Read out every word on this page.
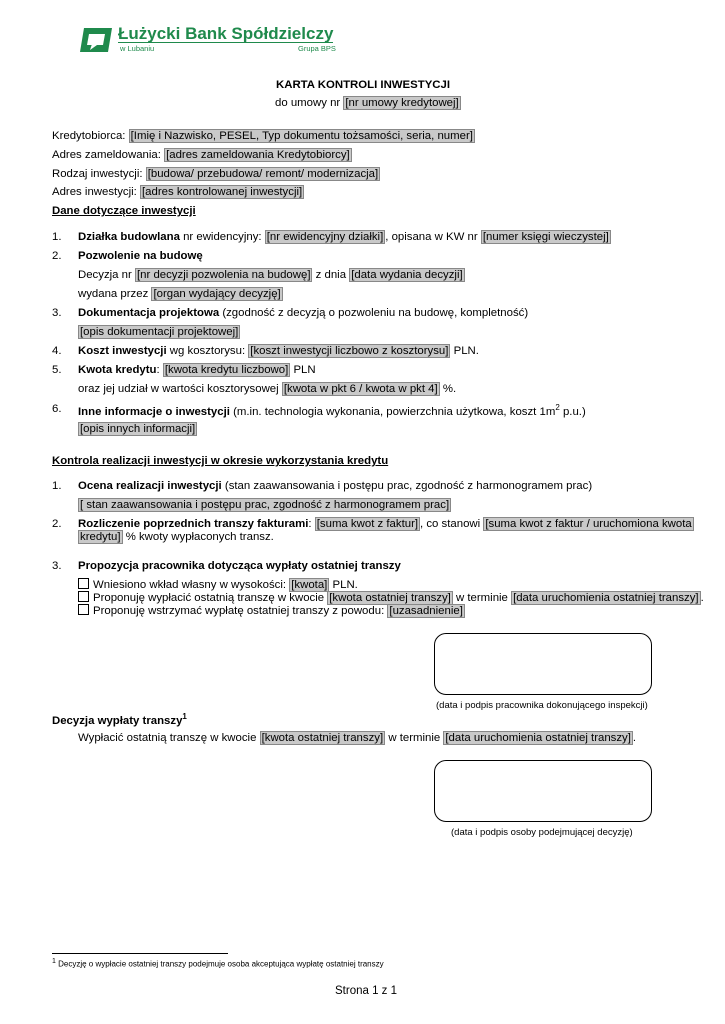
Łużycki Bank Spółdzielczy
w Lubaniu	Grupa BPS
KARTA KONTROLI INWESTYCJI
do umowy nr [nr umowy kredytowej]
Kredytobiorca: [Imię i Nazwisko, PESEL, Typ dokumentu tożsamości, seria, numer]
Adres zameldowania: [adres zameldowania Kredytobiorcy]
Rodzaj inwestycji: [budowa/ przebudowa/ remont/ modernizacja]
Adres inwestycji: [adres kontrolowanej inwestycji]
Dane dotyczące inwestycji
1. Działka budowlana nr ewidencyjny: [nr ewidencyjny działki] , opisana w KW nr [numer księgi wieczystej]
2. Pozwolenie na budowę
Decyzja nr [nr decyzji pozwolenia na budowę] z dnia [data wydania decyzji]
wydana przez [organ wydający decyzję]
3. Dokumentacja projektowa (zgodność z decyzją o pozwoleniu na budowę, kompletność)
[opis dokumentacji projektowej]
4. Koszt inwestycji wg kosztorysu: [koszt inwestycji liczbowo z kosztorysu] PLN.
5. Kwota kredytu: [kwota kredytu liczbowo] PLN
oraz jej udział w wartości kosztorysowej [kwota w pkt 6 / kwota w pkt 4] %.
6. Inne informacje o inwestycji (m.in. technologia wykonania, powierzchnia użytkowa, koszt $1m^2$ p.u.)
[opis innych informacji]
Kontrola realizacji inwestycji w okresie wykorzystania kredytu
1. Ocena realizacji inwestycji (stan zaawansowania i postępu prac, zgodność z harmonogramem prac)
[ stan zaawansowania i postępu prac, zgodność z harmonogramem prac]
2. Rozliczenie poprzednich transzy fakturami: [suma kwot z faktur] , co stanowi [suma kwot z faktur / uruchomiona kwota
kredytu] % kwoty wypłaconych transz.
3. Propozycja pracownika dotycząca wypłaty ostatniej transzy
Wniesiono wkład własny w wysokości: [kwota] PLN.
Proponuję wypłacić ostatnią transzę w kwocie [kwota ostatniej transzy] w terminie [data uruchomienia ostatniej transzy] .
Proponuję wstrzymać wypłatę ostatniej transzy z powodu: [uzasadnienie]
(data i podpis pracownika dokonującego inspekcji)
Decyzja wypłaty transzy$^1$
Wypłacić ostatnią transzę w kwocie [kwota ostatniej transzy] w terminie [data uruchomienia ostatniej transzy] .
(data i podpis osoby podejmującej decyzję)
$^1$ Decyzję o wypłacie ostatniej transzy podejmuje osoba akceptująca wypłatę ostatniej transzy
Strona 1 z 1
